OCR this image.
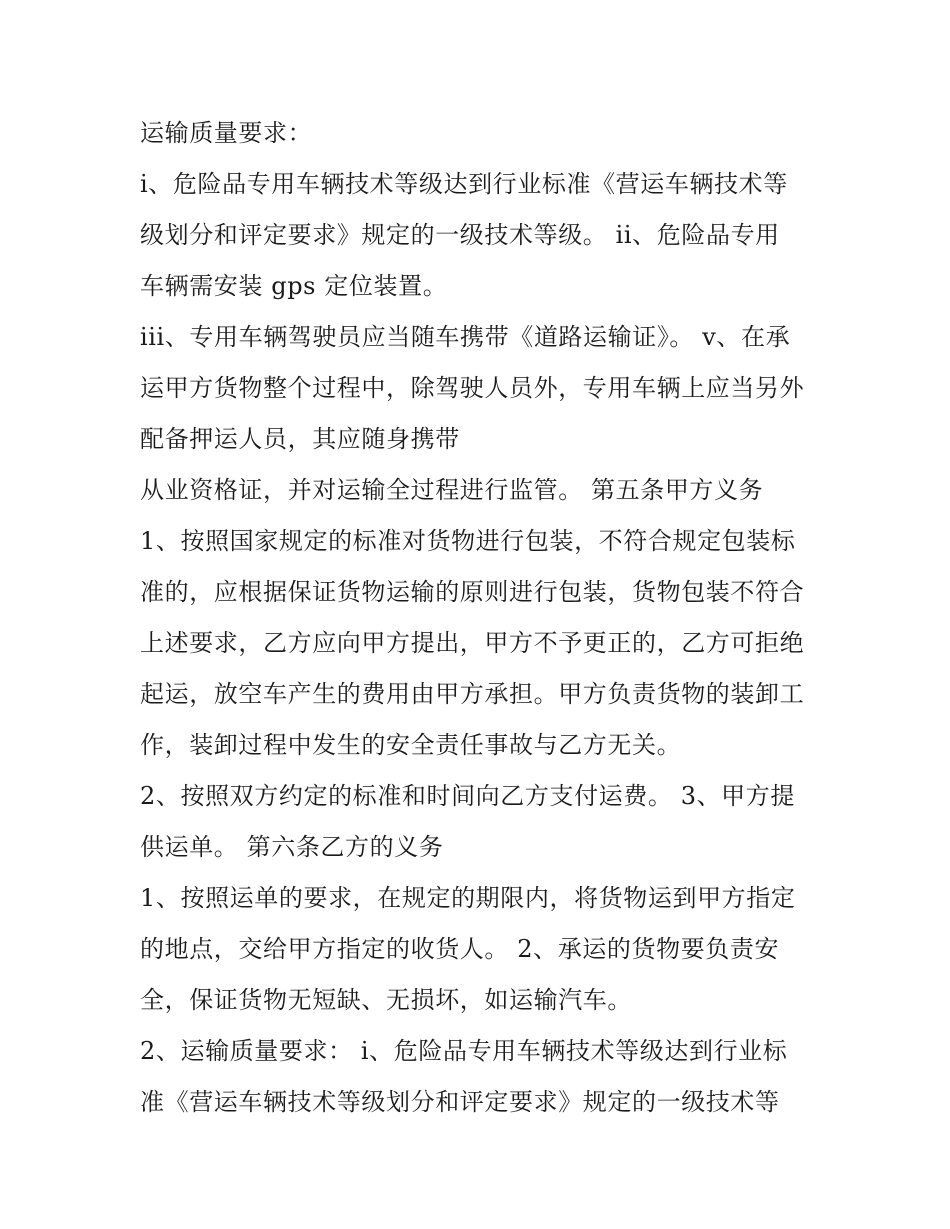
运输质量要求：
i、危险品专用车辆技术等级达到行业标准《营运车辆技术等
级划分和评定要求》规定的一级技术等级。 ii、危险品专用
车辆需安装 gps 定位装置。
iii、专用车辆驾驶员应当随车携带《道路运输证》。 v、在承
运甲方货物整个过程中，除驾驶人员外，专用车辆上应当另外
配备押运人员，其应随身携带
从业资格证，并对运输全过程进行监管。 第五条甲方义务
1、按照国家规定的标准对货物进行包装，不符合规定包装标
准的，应根据保证货物运输的原则进行包装，货物包装不符合
上述要求，乙方应向甲方提出，甲方不予更正的，乙方可拒绝
起运，放空车产生的费用由甲方承担。甲方负责货物的装卸工
作，装卸过程中发生的安全责任事故与乙方无关。
2、按照双方约定的标准和时间向乙方支付运费。 3、甲方提
供运单。 第六条乙方的义务
1、按照运单的要求，在规定的期限内，将货物运到甲方指定
的地点，交给甲方指定的收货人。 2、承运的货物要负责安
全，保证货物无短缺、无损坏，如运输汽车。
2、运输质量要求： i、危险品专用车辆技术等级达到行业标
准《营运车辆技术等级划分和评定要求》规定的一级技术等
